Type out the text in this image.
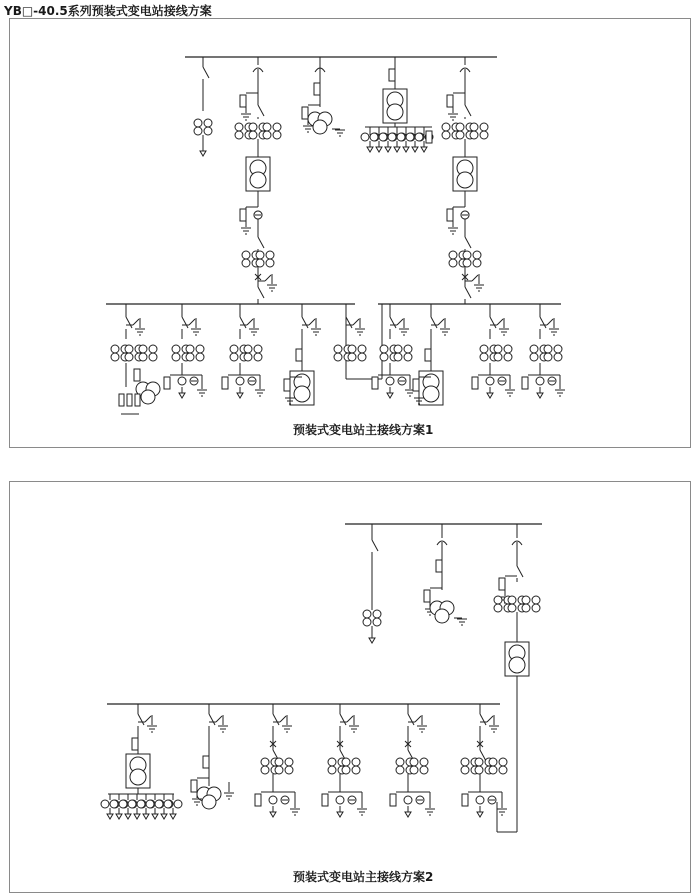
YB□-40.5系列预装式变电站接线方案
预装式变电站主接线方案1
预装式变电站主接线方案2
